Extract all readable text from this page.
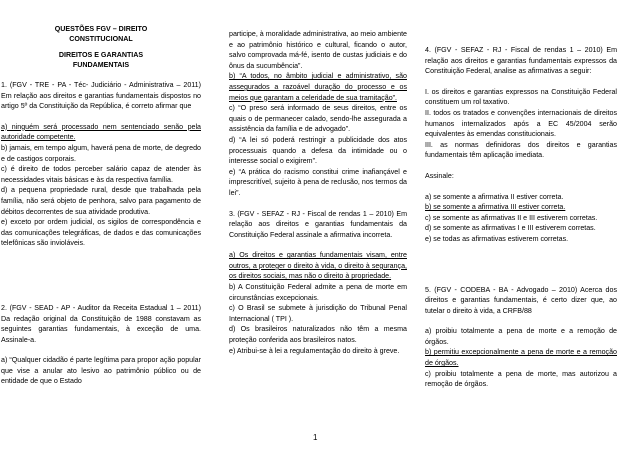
QUESTÕES FGV – DIREITO
CONSTITUCIONAL
DIREITOS E GARANTIAS
FUNDAMENTAIS
1. (FGV - TRE - PA - Téc- Judiciário - Administrativa – 2011) Em relação aos direitos e garantias fundamentais dispostos no artigo 5º da Constituição da República, é correto afirmar que
a) ninguém será processado nem sentenciado senão pela autoridade competente.
b) jamais, em tempo algum, haverá pena de morte, de degredo e de castigos corporais.
c) é direito de todos perceber salário capaz de atender às necessidades vitais básicas e às da respectiva família.
d) a pequena propriedade rural, desde que trabalhada pela família, não será objeto de penhora, salvo para pagamento de débitos decorrentes de sua atividade produtiva.
e) exceto por ordem judicial, os sigilos de correspondência e das comunicações telegráficas, de dados e das comunicações telefônicas são invioláveis.
2. (FGV - SEAD - AP - Auditor da Receita Estadual 1 – 2011) Da redação original da Constituição de 1988 constavam as seguintes garantias fundamentais, à exceção de uma. Assinale-a.
a) “Qualquer cidadão é parte legítima para propor ação popular que vise a anular ato lesivo ao patrimônio público ou de entidade de que o Estado
participe, à moralidade administrativa, ao meio ambiente e ao patrimônio histórico e cultural, ficando o autor, salvo comprovada má-fé, isento de custas judiciais e do ônus da sucumbência”.
b) “A todos, no âmbito judicial e administrativo, são assegurados a razoável duração do processo e os meios que garantam a celeridade de sua tramitação”.
c) “O preso será informado de seus direitos, entre os quais o de permanecer calado, sendo-lhe assegurada a assistência da família e de advogado”.
d) “A lei só poderá restringir a publicidade dos atos processuais quando a defesa da intimidade ou o interesse social o exigirem”.
e) “A prática do racismo constitui crime inafiançável e imprescritível, sujeito à pena de reclusão, nos termos da lei”.
3. (FGV - SEFAZ - RJ - Fiscal de rendas 1 – 2010) Em relação aos direitos e garantias fundamentais da Constituição Federal assinale a afirmativa incorreta.
a) Os direitos e garantias fundamentais visam, entre outros, a proteger o direito à vida, o direito à segurança, os direitos sociais, mas não o direito à propriedade.
b) A Constituição Federal admite a pena de morte em circunstâncias excepcionais.
c) O Brasil se submete à jurisdição do Tribunal Penal Internacional ( TPI ).
d) Os brasileiros naturalizados não têm a mesma proteção conferida aos brasileiros natos.
e) Atribui-se à lei a regulamentação do direito à greve.
4. (FGV - SEFAZ - RJ - Fiscal de rendas 1 – 2010) Em relação aos direitos e garantias fundamentais expressos da Constituição Federal, analise as afirmativas a seguir:
I. os direitos e garantias expressos na Constituição Federal constituem um rol taxativo.
II. todos os tratados e convenções internacionais de direitos humanos internalizados após a EC 45/2004 serão equivalentes às emendas constitucionais.
III. as normas definidoras dos direitos e garantias fundamentais têm aplicação imediata.
Assinale:
a) se somente a afirmativa II estiver correta.
b) se somente a afirmativa III estiver correta.
c) se somente as afirmativas II e III estiverem corretas.
d) se somente as afirmativas I e III estiverem corretas.
e) se todas as afirmativas estiverem corretas.
5. (FGV - CODEBA - BA - Advogado – 2010) Acerca dos direitos e garantias fundamentais, é certo dizer que, ao tutelar o direito à vida, a CRFB/88
a) proibiu totalmente a pena de morte e a remoção de órgãos.
b) permitiu excepcionalmente a pena de morte e a remoção de órgãos.
c) proibiu totalmente a pena de morte, mas autorizou a remoção de órgãos.
1
